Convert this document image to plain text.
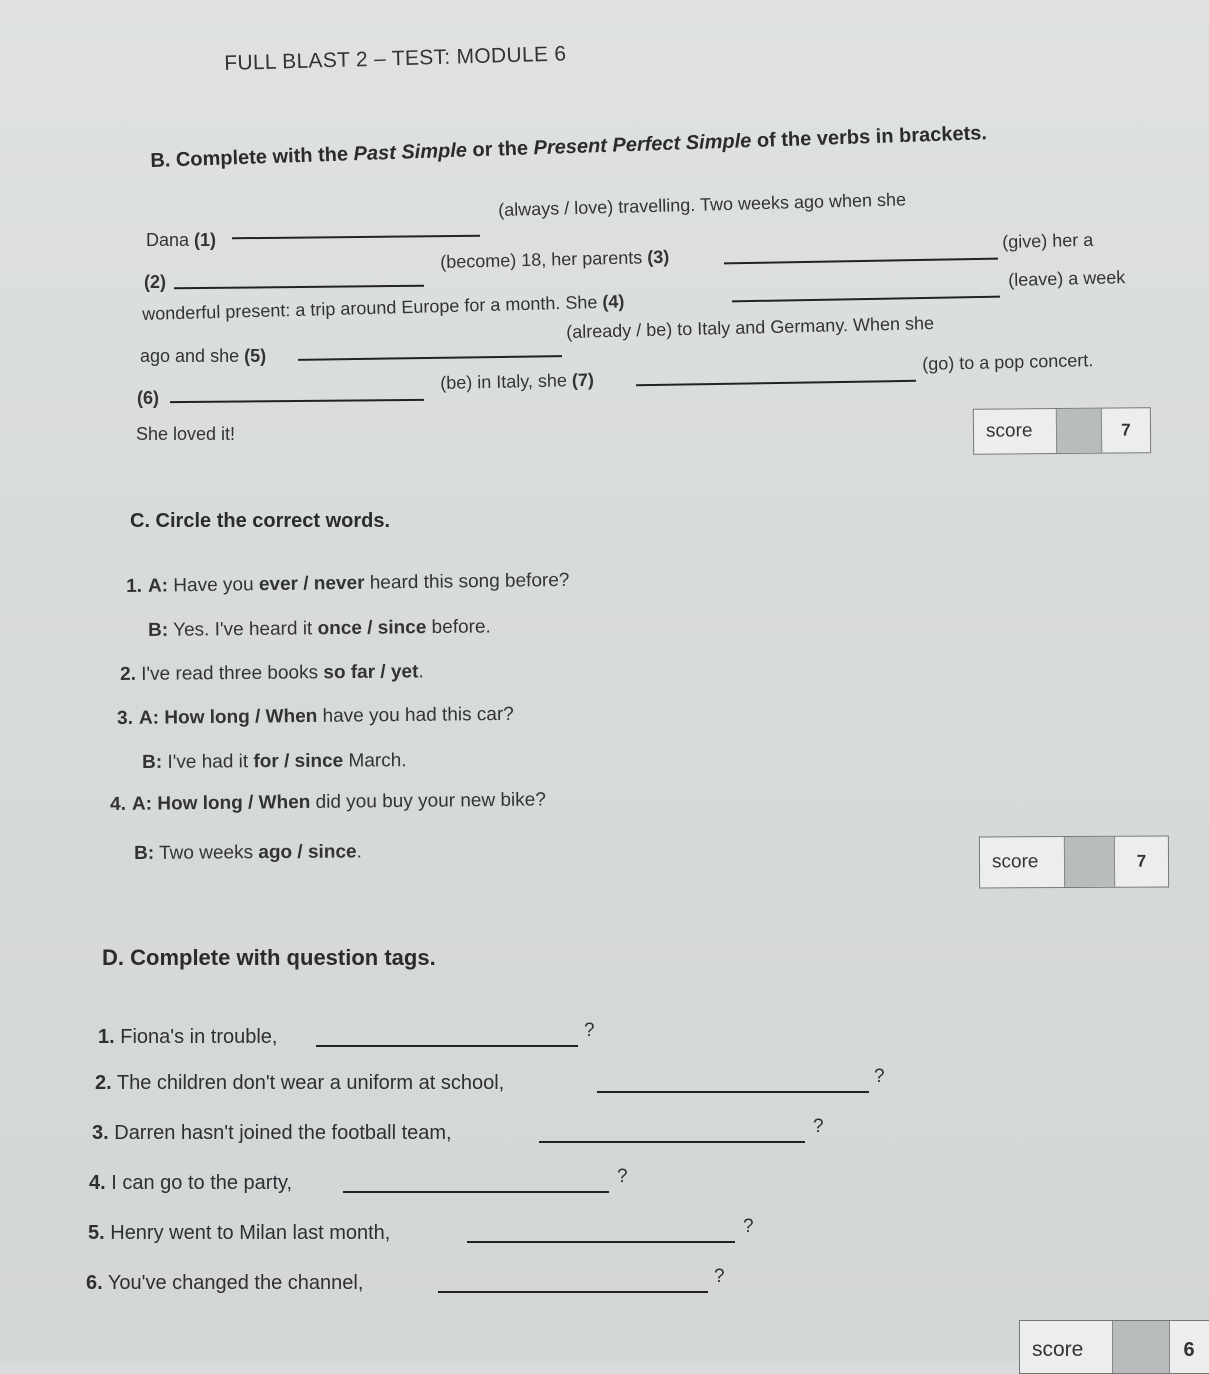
FULL BLAST 2 – TEST: MODULE 6
B. Complete with the Past Simple or the Present Perfect Simple of the verbs in brackets.
Dana (1)
(always / love) travelling. Two weeks ago when she
(2)
(become) 18, her parents (3)
(give) her a
wonderful present: a trip around Europe for a month. She (4)
(leave) a week
ago and she (5)
(already / be) to Italy and Germany. When she
(6)
(be) in Italy, she (7)
(go) to a pop concert.
She loved it!	score	7
C. Circle the correct words.
1. A: Have you ever / never heard this song before?
B: Yes. I've heard it once / since before.
2. I've read three books so far / yet.
3. A: How long / When have you had this car?
B: I've had it for / since March.
4. A: How long / When did you buy your new bike?
B: Two weeks ago / since.	score	7
D. Complete with question tags.
1. Fiona's in trouble,	?
2. The children don't wear a uniform at school,	?
3. Darren hasn't joined the football team,	?
4. I can go to the party,	?
5. Henry went to Milan last month,	?
6. You've changed the channel,	?
score	6
